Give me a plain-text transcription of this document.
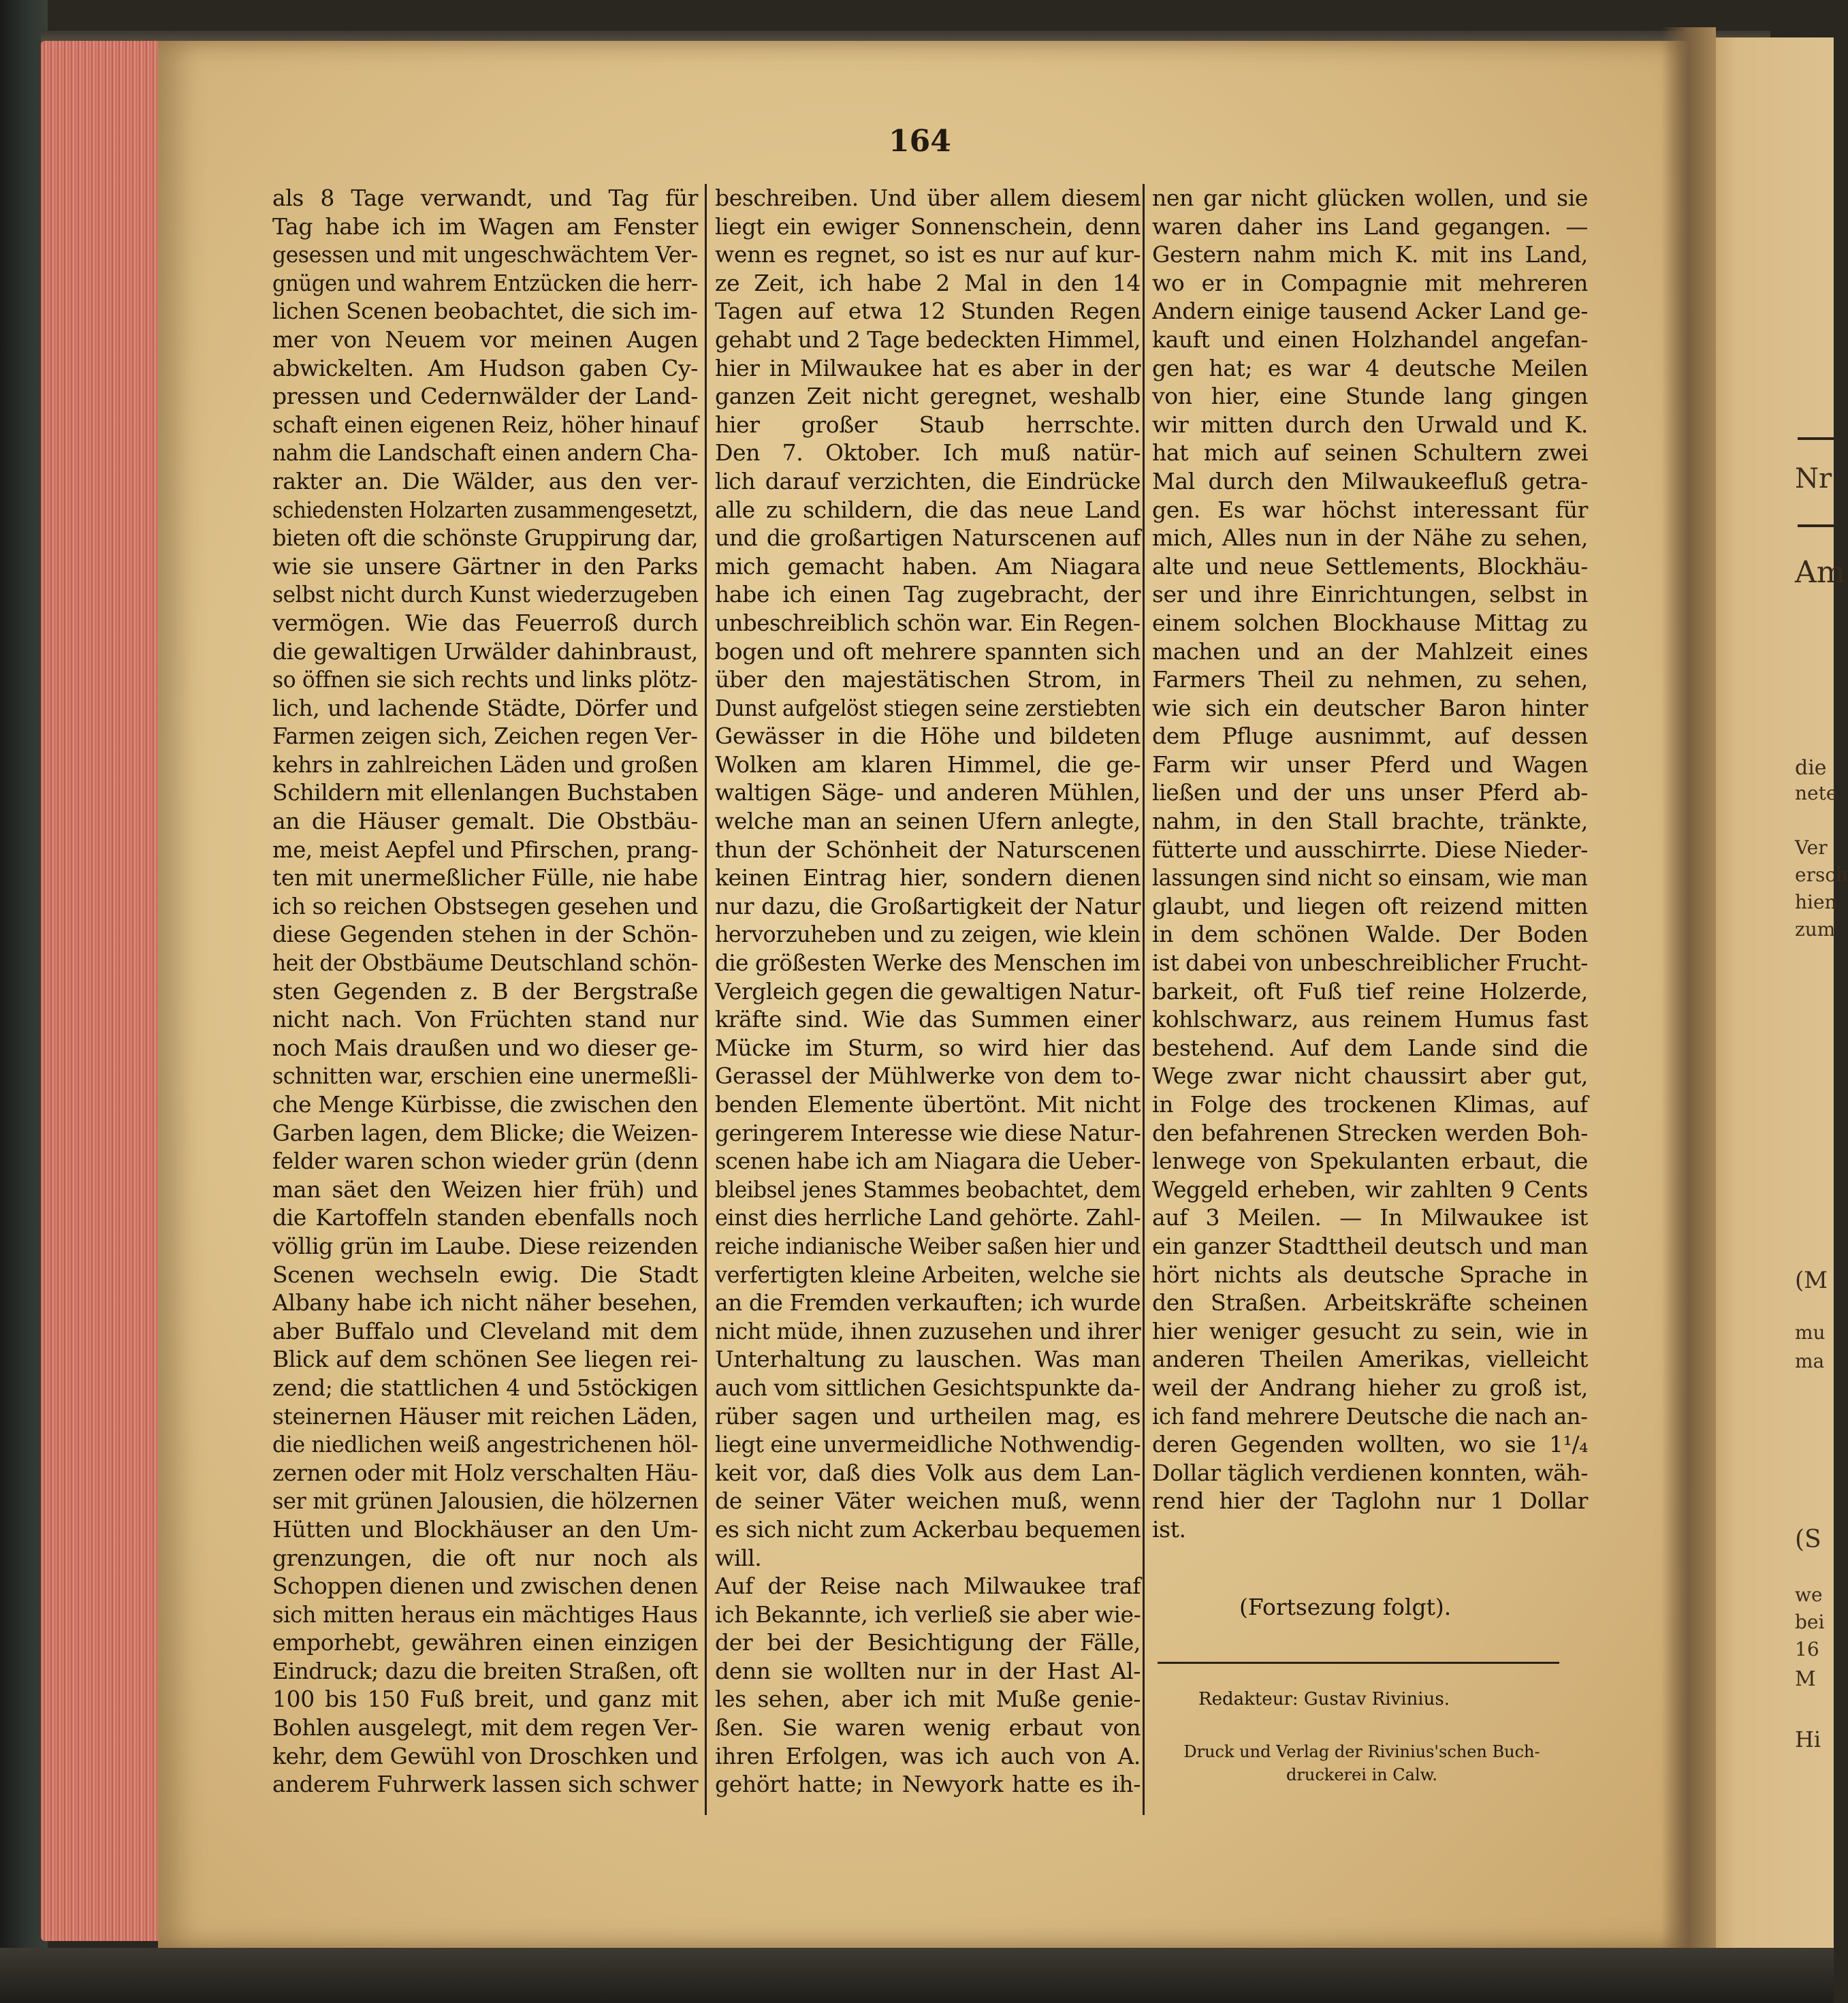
164
als 8 Tage verwandt, und Tag für
Tag habe ich im Wagen am Fenster
gesessen und mit ungeschwächtem Ver-
gnügen und wahrem Entzücken die herr-
lichen Scenen beobachtet, die sich im-
mer von Neuem vor meinen Augen
abwickelten. Am Hudson gaben Cy-
pressen und Cedernwälder der Land-
schaft einen eigenen Reiz, höher hinauf
nahm die Landschaft einen andern Cha-
rakter an. Die Wälder, aus den ver-
schiedensten Holzarten zusammengesetzt,
bieten oft die schönste Gruppirung dar,
wie sie unsere Gärtner in den Parks
selbst nicht durch Kunst wiederzugeben
vermögen. Wie das Feuerroß durch
die gewaltigen Urwälder dahinbraust,
so öffnen sie sich rechts und links plötz-
lich, und lachende Städte, Dörfer und
Farmen zeigen sich, Zeichen regen Ver-
kehrs in zahlreichen Läden und großen
Schildern mit ellenlangen Buchstaben
an die Häuser gemalt. Die Obstbäu-
me, meist Aepfel und Pfirschen, prang-
ten mit unermeßlicher Fülle, nie habe
ich so reichen Obstsegen gesehen und
diese Gegenden stehen in der Schön-
heit der Obstbäume Deutschland schön-
sten Gegenden z. B der Bergstraße
nicht nach. Von Früchten stand nur
noch Mais draußen und wo dieser ge-
schnitten war, erschien eine unermeßli-
che Menge Kürbisse, die zwischen den
Garben lagen, dem Blicke; die Weizen-
felder waren schon wieder grün (denn
man säet den Weizen hier früh) und
die Kartoffeln standen ebenfalls noch
völlig grün im Laube. Diese reizenden
Scenen wechseln ewig. Die Stadt
Albany habe ich nicht näher besehen,
aber Buffalo und Cleveland mit dem
Blick auf dem schönen See liegen rei-
zend; die stattlichen 4 und 5stöckigen
steinernen Häuser mit reichen Läden,
die niedlichen weiß angestrichenen höl-
zernen oder mit Holz verschalten Häu-
ser mit grünen Jalousien, die hölzernen
Hütten und Blockhäuser an den Um-
grenzungen, die oft nur noch als
Schoppen dienen und zwischen denen
sich mitten heraus ein mächtiges Haus
emporhebt, gewähren einen einzigen
Eindruck; dazu die breiten Straßen, oft
100 bis 150 Fuß breit, und ganz mit
Bohlen ausgelegt, mit dem regen Ver-
kehr, dem Gewühl von Droschken und
anderem Fuhrwerk lassen sich schwer
beschreiben. Und über allem diesem
liegt ein ewiger Sonnenschein, denn
wenn es regnet, so ist es nur auf kur-
ze Zeit, ich habe 2 Mal in den 14
Tagen auf etwa 12 Stunden Regen
gehabt und 2 Tage bedeckten Himmel,
hier in Milwaukee hat es aber in der
ganzen Zeit nicht geregnet, weshalb
hier großer Staub herrschte.
Den 7. Oktober. Ich muß natür-
lich darauf verzichten, die Eindrücke
alle zu schildern, die das neue Land
und die großartigen Naturscenen auf
mich gemacht haben. Am Niagara
habe ich einen Tag zugebracht, der
unbeschreiblich schön war. Ein Regen-
bogen und oft mehrere spannten sich
über den majestätischen Strom, in
Dunst aufgelöst stiegen seine zerstiebten
Gewässer in die Höhe und bildeten
Wolken am klaren Himmel, die ge-
waltigen Säge- und anderen Mühlen,
welche man an seinen Ufern anlegte,
thun der Schönheit der Naturscenen
keinen Eintrag hier, sondern dienen
nur dazu, die Großartigkeit der Natur
hervorzuheben und zu zeigen, wie klein
die größesten Werke des Menschen im
Vergleich gegen die gewaltigen Natur-
kräfte sind. Wie das Summen einer
Mücke im Sturm, so wird hier das
Gerassel der Mühlwerke von dem to-
benden Elemente übertönt. Mit nicht
geringerem Interesse wie diese Natur-
scenen habe ich am Niagara die Ueber-
bleibsel jenes Stammes beobachtet, dem
einst dies herrliche Land gehörte. Zahl-
reiche indianische Weiber saßen hier und
verfertigten kleine Arbeiten, welche sie
an die Fremden verkauften; ich wurde
nicht müde, ihnen zuzusehen und ihrer
Unterhaltung zu lauschen. Was man
auch vom sittlichen Gesichtspunkte da-
rüber sagen und urtheilen mag, es
liegt eine unvermeidliche Nothwendig-
keit vor, daß dies Volk aus dem Lan-
de seiner Väter weichen muß, wenn
es sich nicht zum Ackerbau bequemen
will.
Auf der Reise nach Milwaukee traf
ich Bekannte, ich verließ sie aber wie-
der bei der Besichtigung der Fälle,
denn sie wollten nur in der Hast Al-
les sehen, aber ich mit Muße genie-
ßen. Sie waren wenig erbaut von
ihren Erfolgen, was ich auch von A.
gehört hatte; in Newyork hatte es ih-
nen gar nicht glücken wollen, und sie
waren daher ins Land gegangen. —
Gestern nahm mich K. mit ins Land,
wo er in Compagnie mit mehreren
Andern einige tausend Acker Land ge-
kauft und einen Holzhandel angefan-
gen hat; es war 4 deutsche Meilen
von hier, eine Stunde lang gingen
wir mitten durch den Urwald und K.
hat mich auf seinen Schultern zwei
Mal durch den Milwaukeefluß getra-
gen. Es war höchst interessant für
mich, Alles nun in der Nähe zu sehen,
alte und neue Settlements, Blockhäu-
ser und ihre Einrichtungen, selbst in
einem solchen Blockhause Mittag zu
machen und an der Mahlzeit eines
Farmers Theil zu nehmen, zu sehen,
wie sich ein deutscher Baron hinter
dem Pfluge ausnimmt, auf dessen
Farm wir unser Pferd und Wagen
ließen und der uns unser Pferd ab-
nahm, in den Stall brachte, tränkte,
fütterte und ausschirrte. Diese Nieder-
lassungen sind nicht so einsam, wie man
glaubt, und liegen oft reizend mitten
in dem schönen Walde. Der Boden
ist dabei von unbeschreiblicher Frucht-
barkeit, oft Fuß tief reine Holzerde,
kohlschwarz, aus reinem Humus fast
bestehend. Auf dem Lande sind die
Wege zwar nicht chaussirt aber gut,
in Folge des trockenen Klimas, auf
den befahrenen Strecken werden Boh-
lenwege von Spekulanten erbaut, die
Weggeld erheben, wir zahlten 9 Cents
auf 3 Meilen. — In Milwaukee ist
ein ganzer Stadttheil deutsch und man
hört nichts als deutsche Sprache in
den Straßen. Arbeitskräfte scheinen
hier weniger gesucht zu sein, wie in
anderen Theilen Amerikas, vielleicht
weil der Andrang hieher zu groß ist,
ich fand mehrere Deutsche die nach an-
deren Gegenden wollten, wo sie 1¹/₄
Dollar täglich verdienen konnten, wäh-
rend hier der Taglohn nur 1 Dollar
ist.
(Fortsezung folgt).
Redakteur: Gustav Rivinius.
Druck und Verlag der Rivinius'schen Buch-
druckerei in Calw.
Nr
Am
die
nete
Ver
ersch
hien
zum
(M
mu
ma
(S
we
bei
16
M
Hi
